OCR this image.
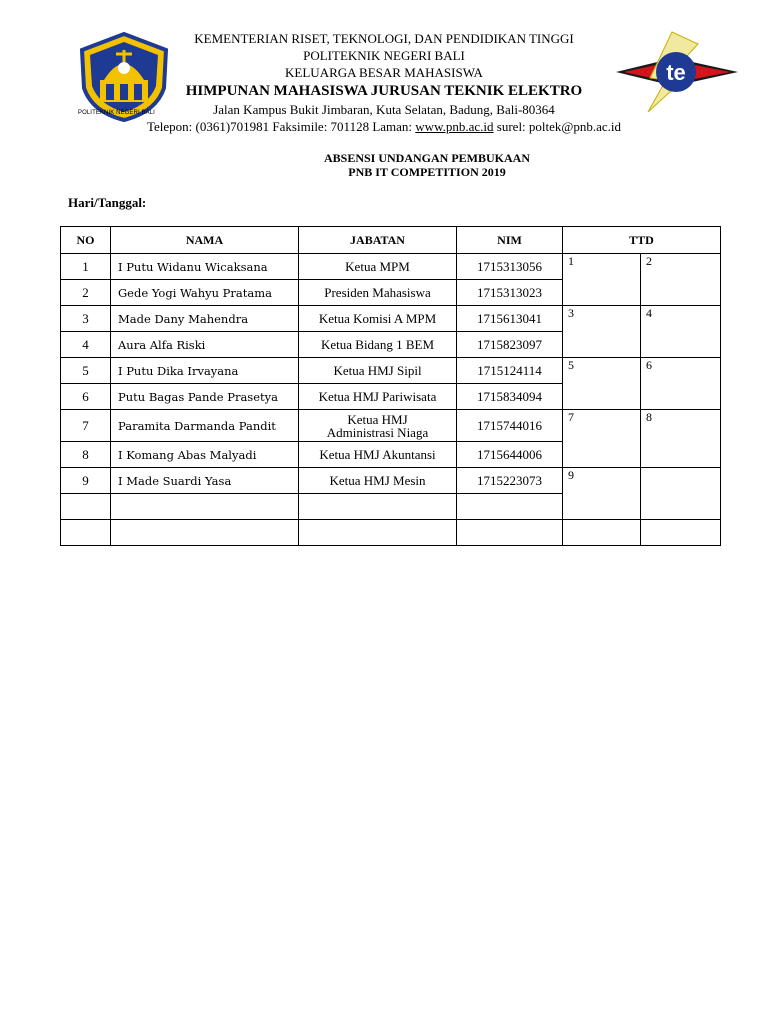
POLITEKNIK NEGERI BALI
te
KEMENTERIAN RISET, TEKNOLOGI, DAN PENDIDIKAN TINGGI
POLITEKNIK NEGERI BALI
KELUARGA BESAR MAHASISWA
HIMPUNAN MAHASISWA JURUSAN TEKNIK ELEKTRO
Jalan Kampus Bukit Jimbaran, Kuta Selatan, Badung, Bali-80364
Telepon: (0361)701981 Faksimile: 701128 Laman: www.pnb.ac.id surel: poltek@pnb.ac.id
ABSENSI UNDANGAN PEMBUKAAN
PNB IT COMPETITION 2019
Hari/Tanggal:
NO	NAMA	JABATAN	NIM	TTD	
1	I Putu Widanu Wicaksana	Ketua MPM	1715313056	1	2
2	Gede Yogi Wahyu Pratama	Presiden Mahasiswa	1715313023		
3	Made Dany Mahendra	Ketua Komisi A MPM	1715613041	3	4
4	Aura Alfa Riski	Ketua Bidang 1 BEM	1715823097		
5	I Putu Dika Irvayana	Ketua HMJ Sipil	1715124114	5	6
6	Putu Bagas Pande Prasetya	Ketua HMJ Pariwisata	1715834094		
7	Paramita Darmanda Pandit	Ketua HMJ
Administrasi Niaga	1715744016	7	8
8	I Komang Abas Malyadi	Ketua HMJ Akuntansi	1715644006		
9	I Made Suardi Yasa	Ketua HMJ Mesin	1715223073	9	
